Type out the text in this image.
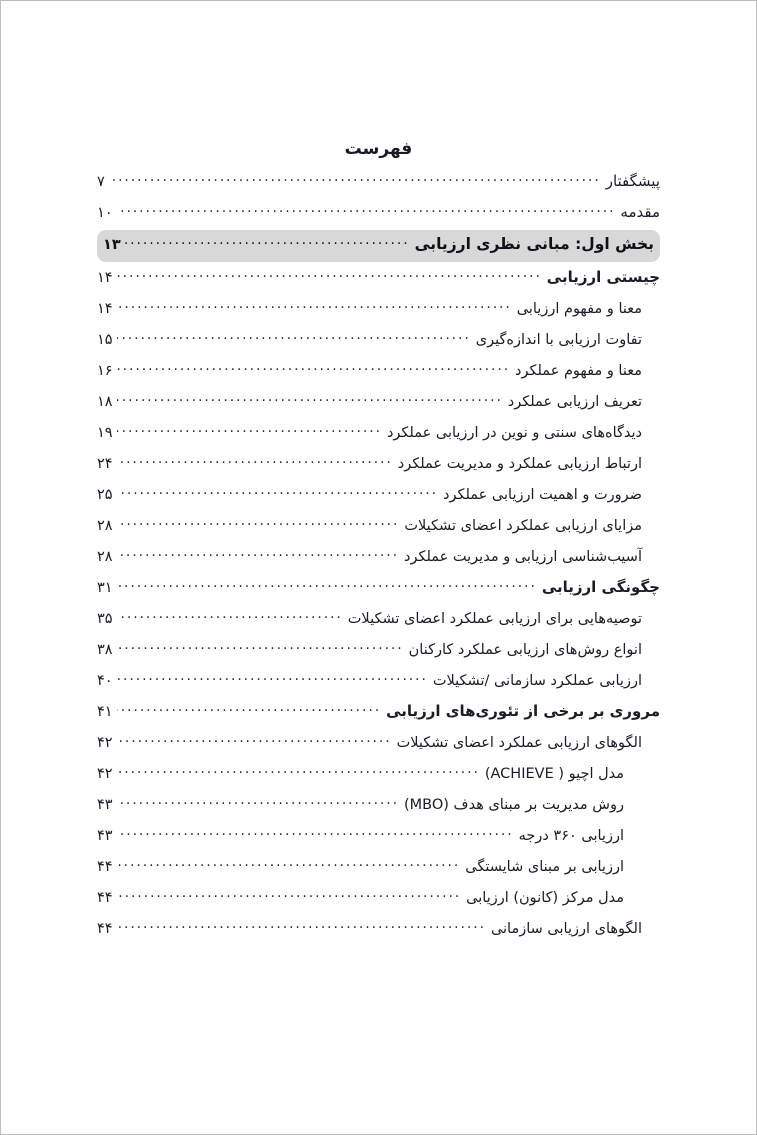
فهرست
پیشگفتار
.....
۷
مقدمه
.....
۱۰
بخش اول: مبانی نظری ارزیابی
.....
۱۳
چیستی ارزیابی
.....
۱۴
معنا و مفهوم ارزیابی
.....
۱۴
تفاوت ارزیابی با اندازه‌گیری
.....
۱۵
معنا و مفهوم عملکرد
.....
۱۶
تعریف ارزیابی عملکرد
.....
۱۸
دیدگاه‌های سنتی و نوین در ارزیابی عملکرد
.....
۱۹
ارتباط ارزیابی عملکرد و مدیریت عملکرد
.....
۲۴
ضرورت و اهمیت ارزیابی عملکرد
.....
۲۵
مزایای ارزیابی عملکرد اعضای تشکیلات
.....
۲۸
آسیب‌شناسی ارزیابی و مدیریت عملکرد
.....
۲۸
چگونگی ارزیابی
.....
۳۱
توصیه‌هایی برای ارزیابی عملکرد اعضای تشکیلات
.....
۳۵
انواع روش‌های ارزیابی عملکرد کارکنان
.....
۳۸
ارزیابی عملکرد سازمانی /تشکیلات
.....
۴۰
مروری بر برخی از تئوری‌های ارزیابی
.....
۴۱
الگوهای ارزیابی عملکرد اعضای تشکیلات
.....
۴۲
مدل اچیو ( ACHIEVE)
.....
۴۲
روش مدیریت بر مبنای هدف (MBO)
.....
۴۳
ارزیابی ۳۶۰ درجه
.....
۴۳
ارزیابی بر مبنای شایستگی
.....
۴۴
مدل مرکز (کانون) ارزیابی
.....
۴۴
الگوهای ارزیابی سازمانی
.....
۴۴
